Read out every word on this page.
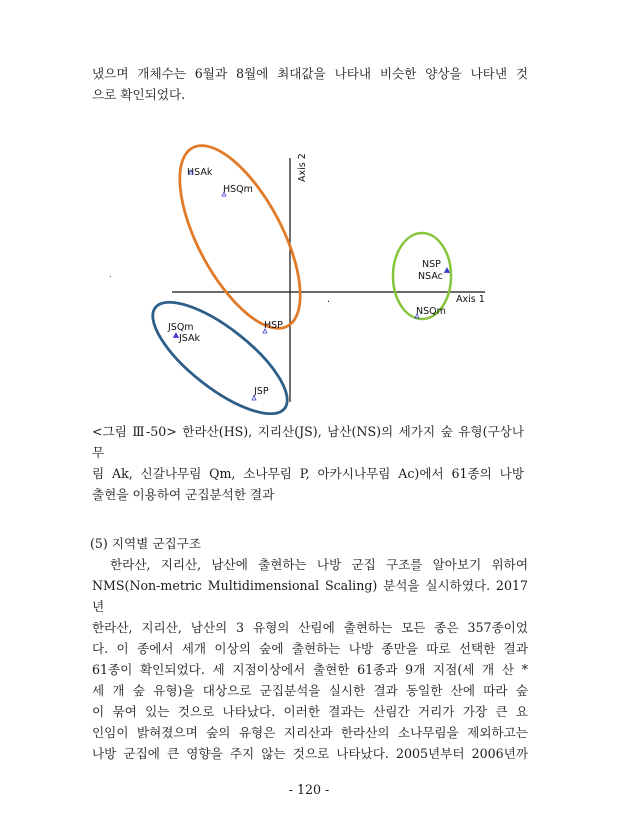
냈으며 개체수는 6월과 8월에 최대값을 나타내 비슷한 양상을 나타낸 것

으로 확인되었다.

.
Axis 1
Axis 2
HSAk
HSQm
HSP
JSQm
JSAk
JSP
NSP
NSAc
NSQm
.

<그림 Ⅲ-50> 한라산(HS), 지리산(JS), 남산(NS)의 세가지 숲 유형(구상나무

림 Ak, 신갈나무림 Qm, 소나무림 P, 아카시나무림 Ac)에서 61종의 나방

출현을 이용하여 군집분석한 결과

(5) 지역별 군집구조

한라산, 지리산, 남산에 출현하는 나방 군집 구조를 알아보기 위하여

NMS(Non-metric Multidimensional Scaling) 분석을 실시하였다. 2017년

한라산, 지리산, 남산의 3 유형의 산림에 출현하는 모든 종은 357종이었

다. 이 종에서 세개 이상의 숲에 출현하는 나방 종만을 따로 선택한 결과

61종이 확인되었다. 세 지점이상에서 출현한 61종과 9개 지점(세 개 산 *

세 개 숲 유형)을 대상으로 군집분석을 실시한 결과 동일한 산에 따라 숲

이 묶여 있는 것으로 나타났다. 이러한 결과는 산림간 거리가 가장 큰 요

인임이 밝혀졌으며 숲의 유형은 지리산과 한라산의 소나무림을 제외하고는

나방 군집에 큰 영향을 주지 않는 것으로 나타났다. 2005년부터 2006년까

- 120 -
